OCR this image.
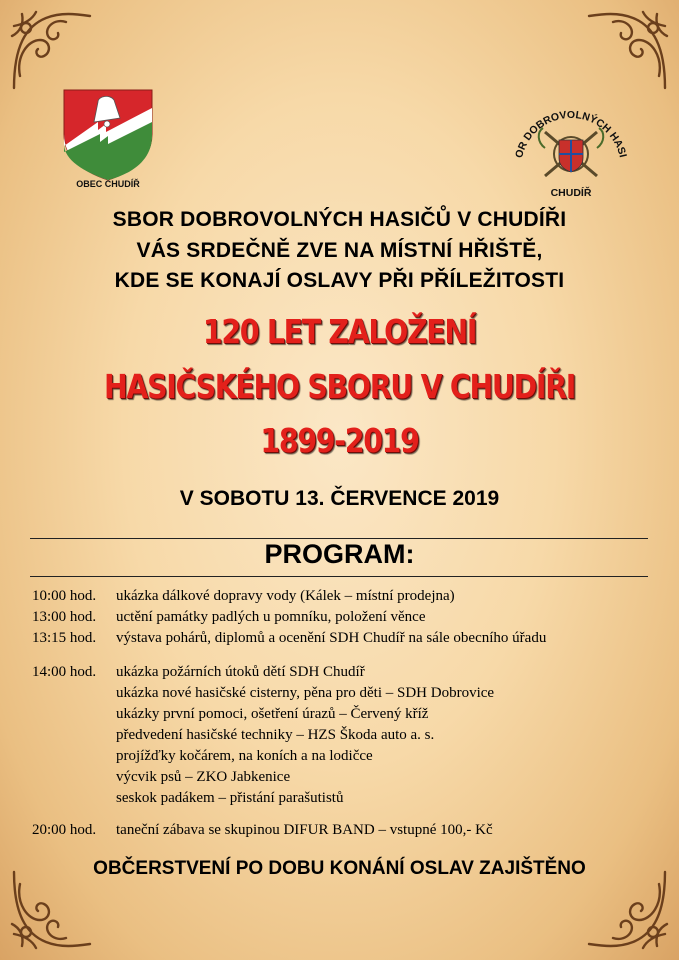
OBEC CHUDÍŘ
OR DOBROVOLNÝCH HASI
CHUDÍŘ
SBOR DOBROVOLNÝCH HASIČŮ V CHUDÍŘI
VÁS SRDEČNĚ ZVE NA MÍSTNÍ HŘIŠTĚ,
KDE SE KONAJÍ OSLAVY PŘI PŘÍLEŽITOSTI
120 LET ZALOŽENÍ
HASIČSKÉHO SBORU V CHUDÍŘI
1899-2019
V SOBOTU 13. ČERVENCE 2019
PROGRAM:
10:00 hod. ukázka dálkové dopravy vody (Kálek – místní prodejna)
13:00 hod. uctění památky padlých u pomníku, položení věnce
13:15 hod. výstava pohárů, diplomů a ocenění SDH Chudíř na sále obecního úřadu
14:00 hod. ukázka požárních útoků dětí SDH Chudíř
ukázka nové hasičské cisterny, pěna pro děti – SDH Dobrovice
ukázky první pomoci, ošetření úrazů – Červený kříž
předvedení hasičské techniky – HZS Škoda auto a. s.
projížďky kočárem, na koních a na lodičce
výcvik psů – ZKO Jabkenice
seskok padákem – přistání parašutistů
20:00 hod. taneční zábava se skupinou DIFUR BAND – vstupné 100,- Kč
OBČERSTVENÍ PO DOBU KONÁNÍ OSLAV ZAJIŠTĚNO
